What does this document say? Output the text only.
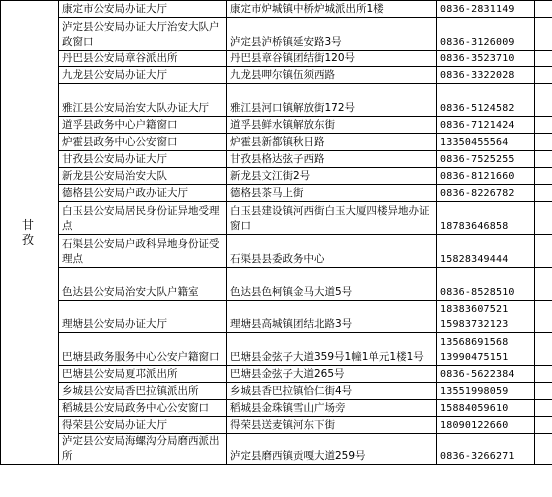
甘 孜	康定市公安局办证大厅	康定市炉城镇中桥炉城派出所1楼	0836-2831149	

	泸定县公安局办证大厅治安大队户政窗口	泸定县泸桥镇延安路3号	0836-3126009	

	丹巴县公安局章谷派出所	丹巴县章谷镇团结街120号	0836-3523710	

	九龙县公安局办证大厅	九龙县呷尔镇伍须西路	0836-3322028	

	雅江县公安局治安大队办证大厅	雅江县河口镇解放街172号	0836-5124582	

	道孚县政务中心户籍窗口	道孚县鲜水镇解放东街	0836-7121424	

	炉霍县政务中心公安窗口	炉霍县新都镇秋日路	13350455564	

	甘孜县公安局办证大厅	甘孜县格达弦子西路	0836-7525255	

	新龙县公安局治安大队	新龙县文江街2号	0836-8121660	

	德格县公安局户政办证大厅	德格县茶马上街	0836-8226782	

	白玉县公安局居民身份证异地受理点	白玉县建设镇河西街白玉大厦四楼异地办证窗口	18783646858	

	石渠县公安局户政科异地身份证受理点	石渠县县委政务中心	15828349444	

	色达县公安局治安大队户籍室	色达县色柯镇金马大道5号	0836-8528510	

	理塘县公安局办证大厅	理塘县高城镇团结北路3号	18383607521
15983732123	

	巴塘县政务服务中心公安户籍窗口	巴塘县金弦子大道359号1幢1单元1楼1号	13568691568
13990475151	

	巴塘县公安局夏邛派出所	巴塘县金弦子大道265号	0836-5622384	

	乡城县公安局香巴拉镇派出所	乡城县香巴拉镇恰仁街4号	13551998059	

	稻城县公安局政务中心公安窗口	稻城县金珠镇雪山广场旁	15884059610	

	得荣县公安局办证大厅	得荣县送麦镇河东下街	18090122660	

	泸定县公安局海螺沟分局磨西派出所	泸定县磨西镇贡嘎大道259号	0836-3266271	
